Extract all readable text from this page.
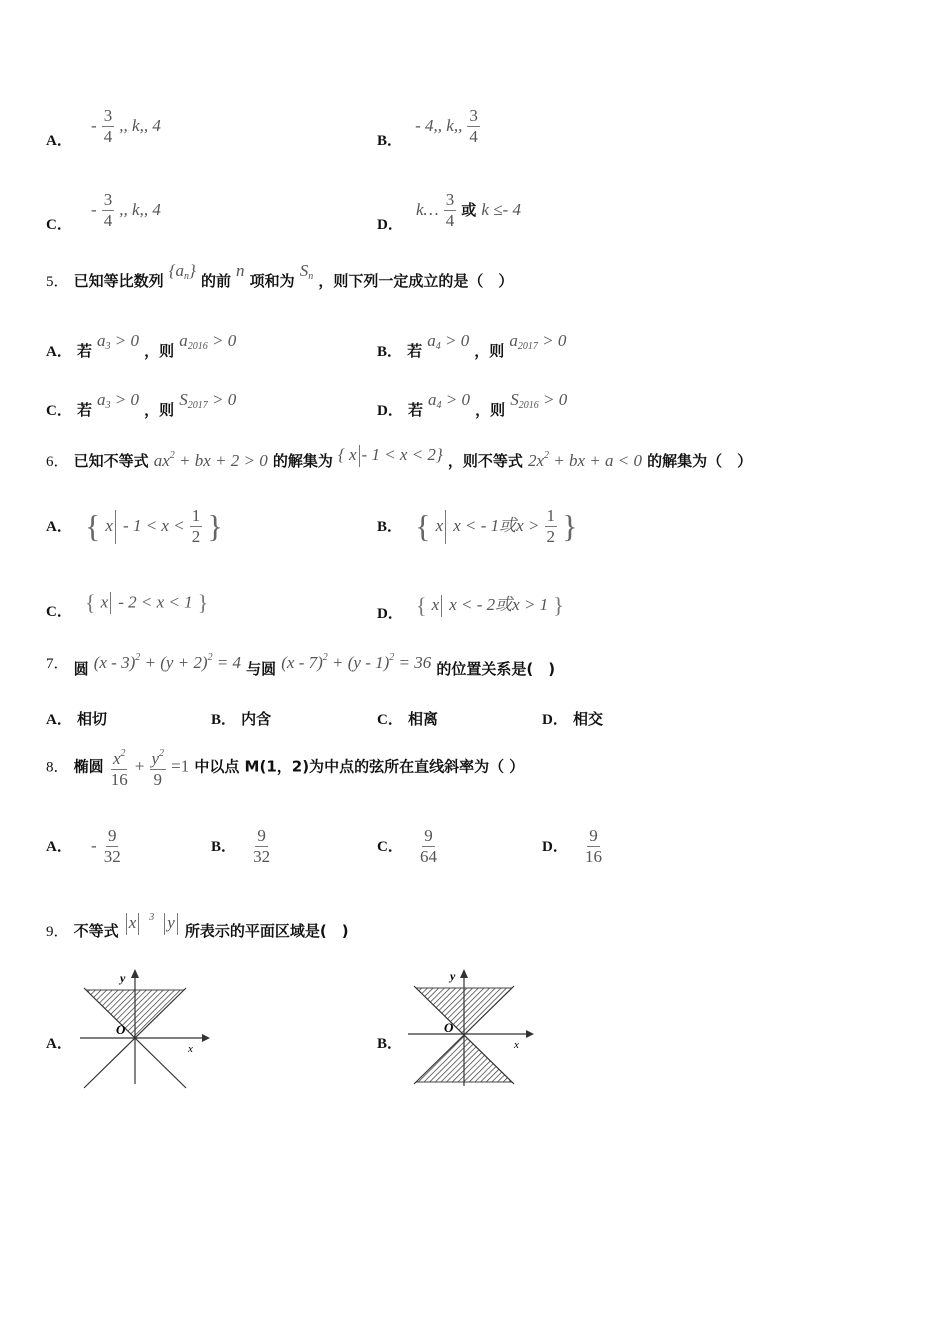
A． - $\frac{3}{4}$ ,, k,, 4
B． - 4,, k,, $\frac{3}{4}$
C． - $\frac{3}{4}$ ,, k,, 4
D． k… $\frac{3}{4}$ 或 k ≤- 4
5． 已知等比数列 $\{a_n\}$ 的前 n 项和为 $S_n$ ，则下列一定成立的是（　）
A． 若 $a_3 > 0$ ，则 $a_{2016} > 0$
B． 若 $a_4 > 0$ ，则 $a_{2017} > 0$
C． 若 $a_3 > 0$ ，则 $S_{2017} > 0$
D． 若 $a_4 > 0$ ，则 $S_{2016} > 0$
6． 已知不等式 $ax^2$ + bx + 2 > 0 的解集为 { x - 1 < x < 2} ，则不等式 $2x^2$ + bx + a < 0 的解集为（　）
A． { $x - 1 < x < \frac{1}{2}$ }	B． { x x < - 1或$x > \frac{1}{2}$ }
C． { x - 2 < x < 1 }	D． { x x < - 2或x > 1 }
7． 圆 $(x - 3)^2 + (y + 2)^2 = 4$ 与圆 (x - 7)$^2$ + (y - 1)$^2$ = 36 的位置关系是(　)
A． 相切	B． 内含	C． 相离	D． 相交
8． 椭圆 $\frac{x^2}{16} + \frac{y^2}{9} =1$ 中以点 M(1，2)为中点的弦所在直线斜率为（ ）
A． - $\frac{9}{32}$	B． $\frac{9}{32}$	C． $\frac{9}{64}$	D． $\frac{9}{16}$
9． 不等式 x $^3$ y 所表示的平面区域是(　)
A．
y
x
O
B．
y
x
O
